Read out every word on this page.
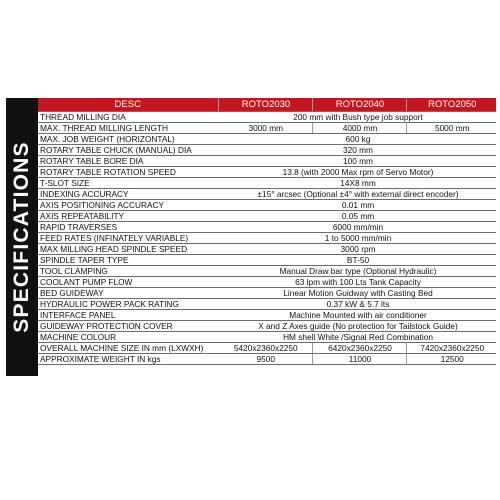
SPECIFICATIONS
DESC	ROTO2030	ROTO2040	ROTO2050
THREAD MILLING DIA	200 mm with Bush type job support		
MAX. THREAD MILLING LENGTH	3000 mm	4000 mm	5000 mm
MAX. JOB WEIGHT (HORIZONTAL)	600 kg		
ROTARY TABLE CHUCK (MANUAL) DIA	320 mm		
ROTARY TABLE BORE DIA	100 mm		
ROTARY TABLE ROTATION SPEED	13.8 (with 2000 Max rpm of Servo Motor)		
T-SLOT SIZE	14X8 mm		
INDEXING ACCURACY	±15° arcsec (Optional ±4° with external direct encoder)		
AXIS POSITIONING ACCURACY	0.01 mm		
AXIS REPEATABILITY	0.05 mm		
RAPID TRAVERSES	6000 mm/min		
FEED RATES (INFINATELY VARIABLE)	1 to 5000 mm/min		
MAX MILLING HEAD SPINDLE SPEED	3000 rpm		
SPINDLE TAPER TYPE	BT-50		
TOOL CLAMPING	Manual Draw bar type (Optional Hydraulic)		
COOLANT PUMP FLOW	63 lpm with 100 Lts Tank Capacity		
BED GUIDEWAY	Linear Motion Guidway with Casting Bed		
HYDRAULIC POWER PACK RATING	0.37 kW & 5.7 lts		
INTERFACE PANEL	Machine Mounted with air conditioner		
GUIDEWAY PROTECTION COVER	X and Z Axes guide (No protection for Tailstock Guide)		
MACHINE COLOUR	HM shell White /Signal Red Combination		
OVERALL MACHINE SIZE IN mm (LXWXH)	5420x2360x2250	6420x2360x2250	7420x2360x2250
APPROXIMATE WEIGHT IN kgs	9500	11000	12500
